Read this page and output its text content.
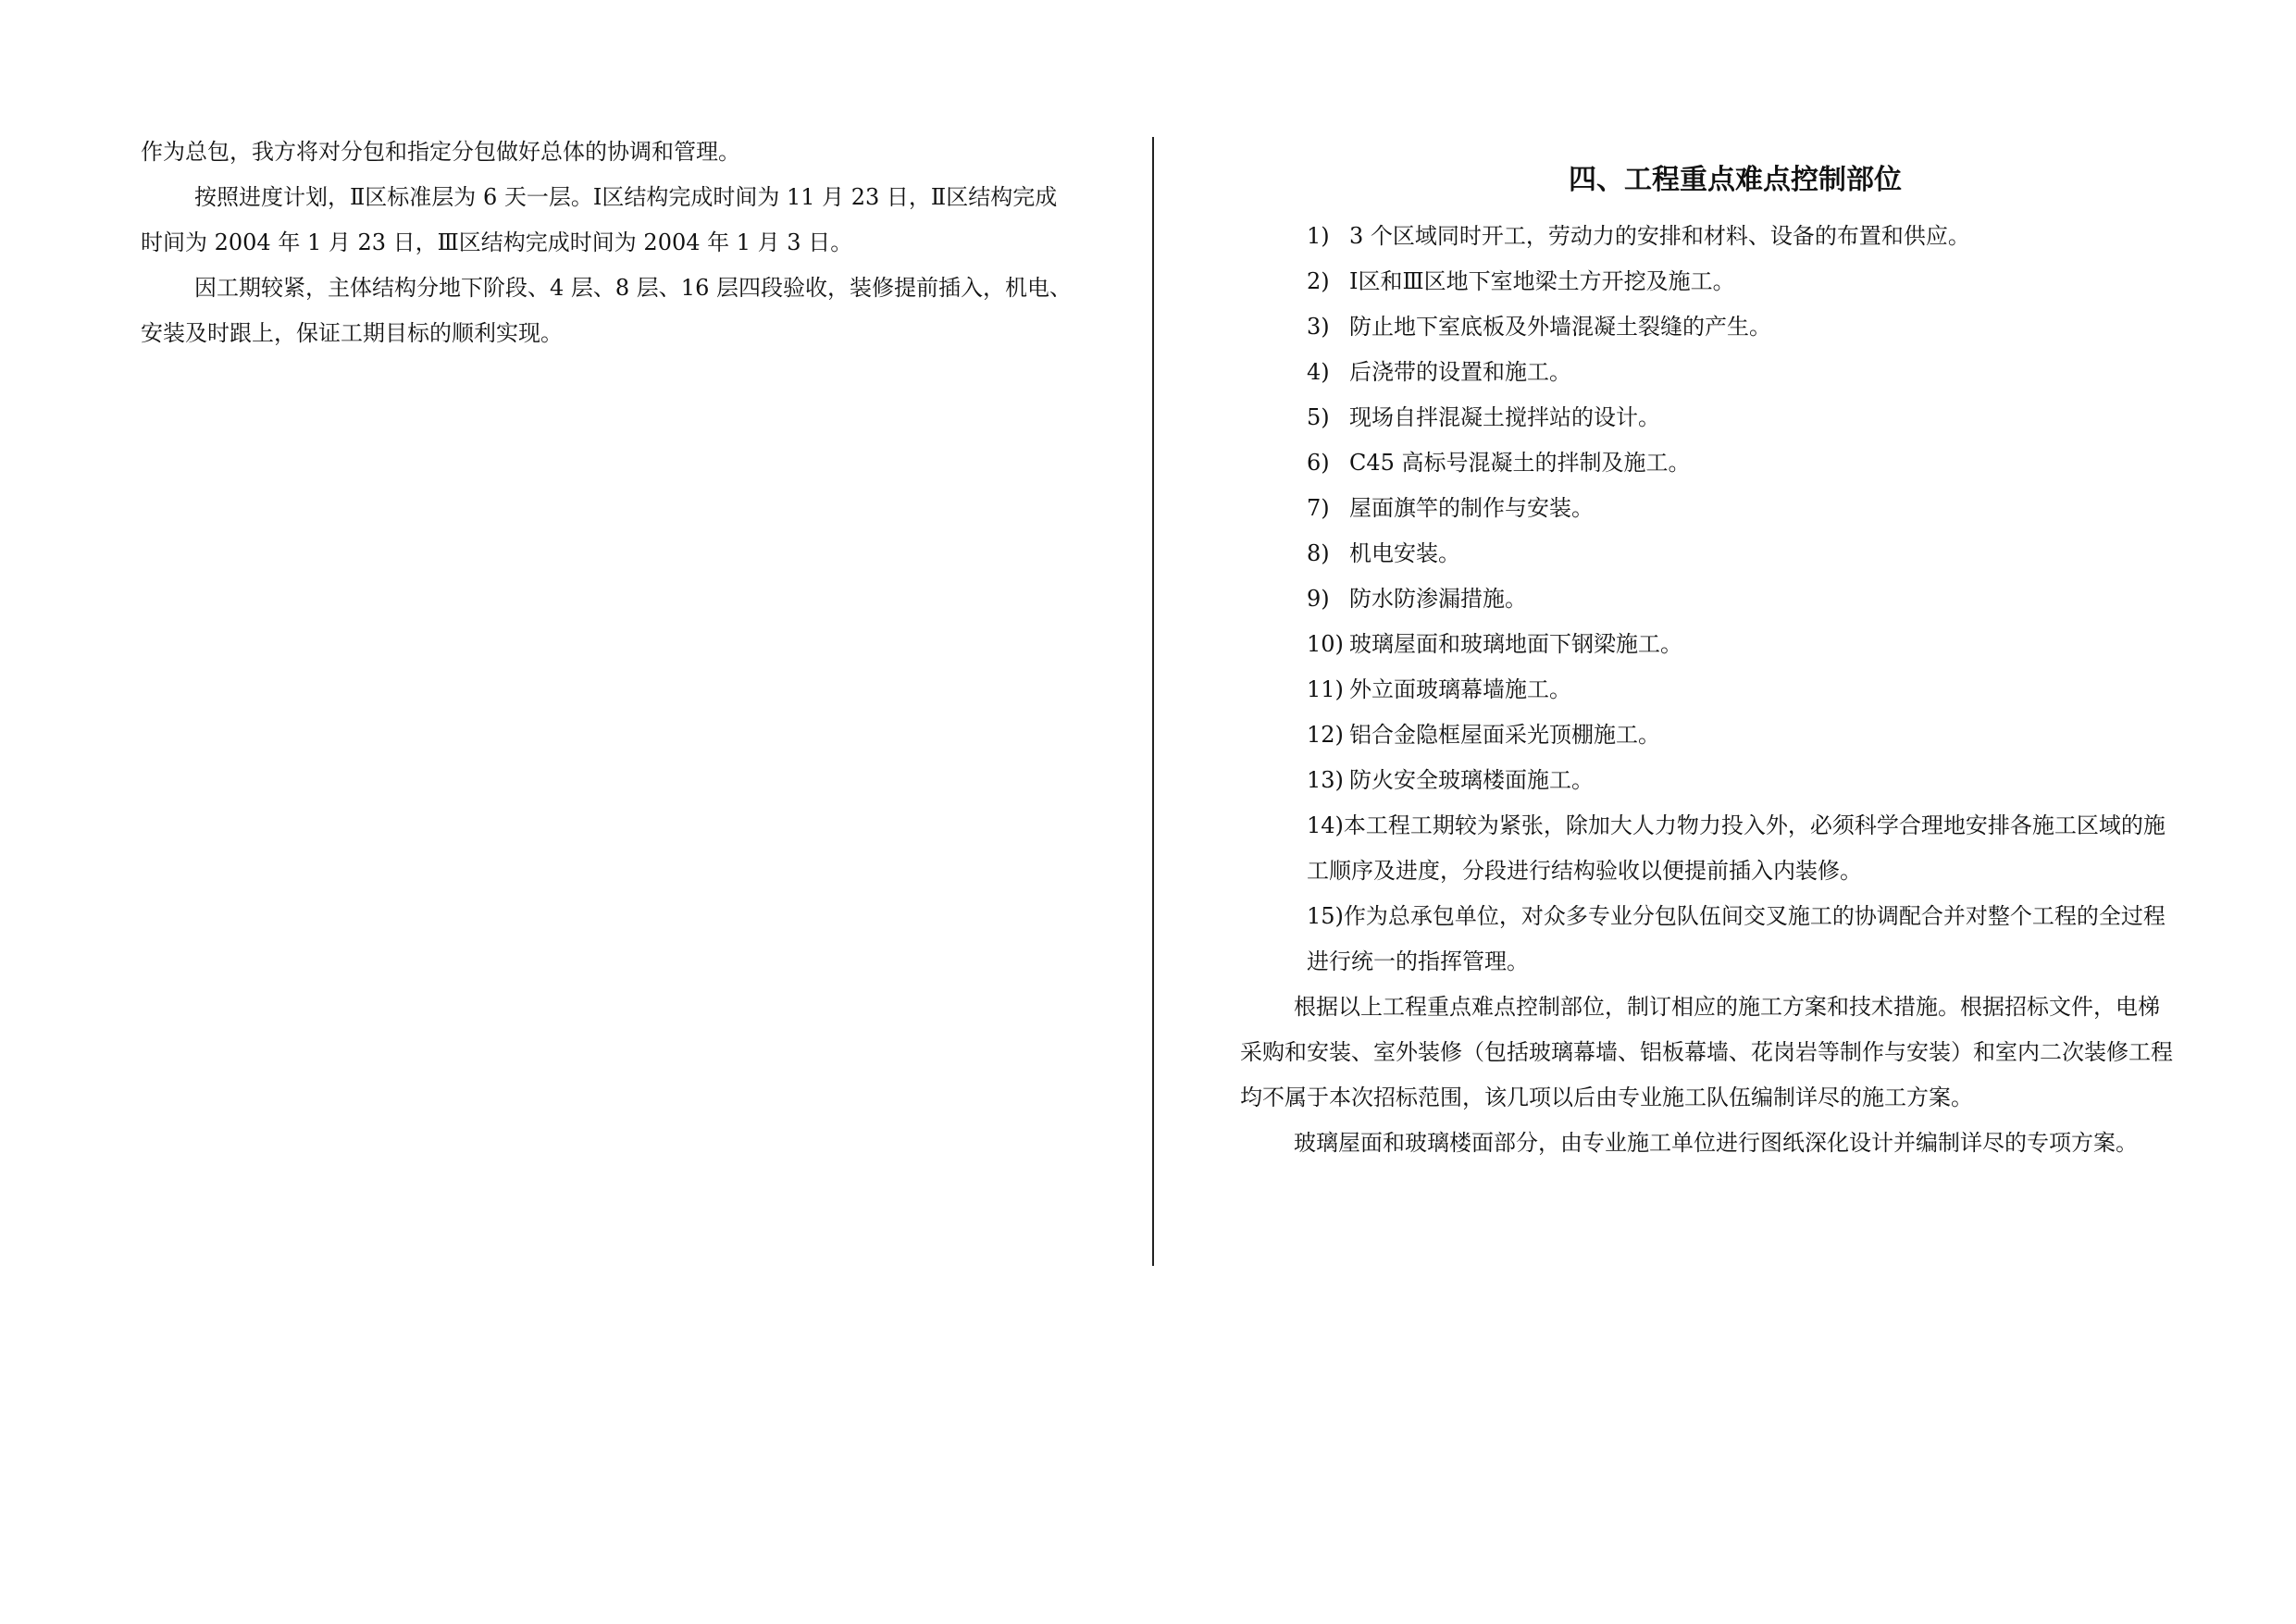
作为总包，我方将对分包和指定分包做好总体的协调和管理。

按照进度计划，Ⅱ区标准层为 6 天一层。Ⅰ区结构完成时间为 11 月 23 日，Ⅱ区结构完成时间为 2004 年 1 月 23 日，Ⅲ区结构完成时间为 2004 年 1 月 3 日。

因工期较紧，主体结构分地下阶段、4 层、8 层、16 层四段验收，装修提前插入，机电、安装及时跟上，保证工期目标的顺利实现。

四、工程重点难点控制部位

1) 3 个区域同时开工，劳动力的安排和材料、设备的布置和供应。

2) Ⅰ区和Ⅲ区地下室地梁土方开挖及施工。

3) 防止地下室底板及外墙混凝土裂缝的产生。

4) 后浇带的设置和施工。

5) 现场自拌混凝土搅拌站的设计。

6) C45 高标号混凝土的拌制及施工。

7) 屋面旗竿的制作与安装。

8) 机电安装。

9) 防水防渗漏措施。

10) 玻璃屋面和玻璃地面下钢梁施工。

11) 外立面玻璃幕墙施工。

12) 铝合金隐框屋面采光顶棚施工。

13) 防火安全玻璃楼面施工。

14)本工程工期较为紧张，除加大人力物力投入外，必须科学合理地安排各施工区域的施工顺序及进度，分段进行结构验收以便提前插入内装修。

15)作为总承包单位，对众多专业分包队伍间交叉施工的协调配合并对整个工程的全过程进行统一的指挥管理。

根据以上工程重点难点控制部位，制订相应的施工方案和技术措施。根据招标文件，电梯采购和安装、室外装修（包括玻璃幕墙、铝板幕墙、花岗岩等制作与安装）和室内二次装修工程均不属于本次招标范围，该几项以后由专业施工队伍编制详尽的施工方案。

玻璃屋面和玻璃楼面部分，由专业施工单位进行图纸深化设计并编制详尽的专项方案。
